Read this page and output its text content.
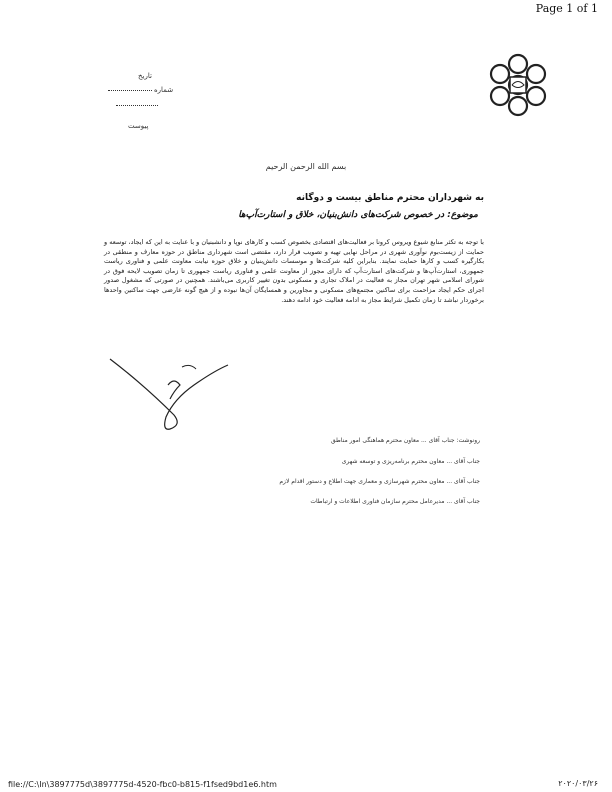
Page 1 of 1
تاریخ
شماره
پیوست
بسم الله الرحمن الرحیم
به شهرداران محترم مناطق بیست و دوگانه
موضوع: در خصوص شرکت‌های دانش‌بنیان، خلاق و استارت‌آپ‌ها
با توجه به تکثر منابع شیوع ویروس کرونا بر فعالیت‌های اقتصادی بخصوص کسب و کارهای نوپا و دانشبنیان و با عنایت به این که ایجاد، توسعه و حمایت از زیست‌بوم نوآوری شهری در مراحل نهایی تهیه و تصویب قرار دارد، مقتضی است شهرداری مناطق در حوزه معارف و منطقی در بکارگیره کسب و کارها حمایت نمایند. بنابراین کلیه شرکت‌ها و موسسات دانش‌بنیان و خلاق حوزه نیابت معاونت علمی و فناوری ریاست جمهوری، استارت‌آپ‌ها و شرکت‌های استارت‌آپ که دارای مجوز از معاونت علمی و فناوری ریاست جمهوری تا زمان تصویب لایحه فوق در شورای اسلامی شهر تهران مجاز به فعالیت در املاک تجاری و مسکونی بدون تغییر کاربری می‌باشند. همچنین در صورتی که مشغول صدور اجرای حکم ایجاد مزاحمت برای ساکنین مجتمع‌های مسکونی و مجاورین و همسایگان آن‌ها نبوده و از هیچ گونه عارضی جهت ساکنین واحدها برخوردار نباشد تا زمان تکمیل شرایط مجاز به ادامه فعالیت خود ادامه دهند.
رونوشت: جناب آقای ... معاون محترم هماهنگی امور مناطق
جناب آقای ... معاون محترم برنامه‌ریزی و توسعه شهری
جناب آقای ... معاون محترم شهرسازی و معماری جهت اطلاع و دستور اقدام لازم
جناب آقای ... مدیرعامل محترم سازمان فناوری اطلاعات و ارتباطات
file://C:\In\3897775d\3897775d-4520-fbc0-b815-f1fsed9bd1e6.htm	۲۰۲۰/۰۳/۲۶
